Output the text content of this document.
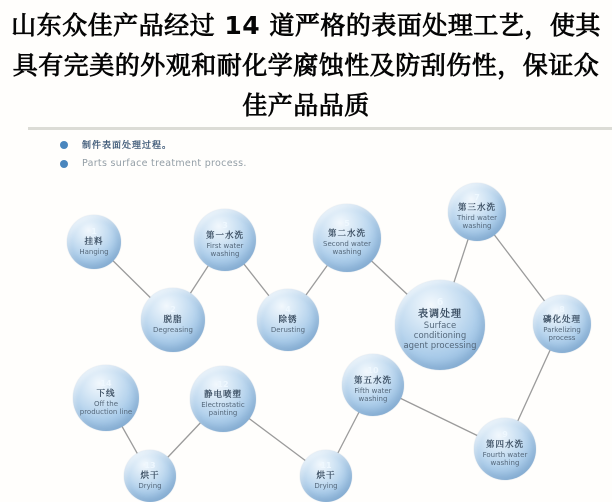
山东众佳产品经过 14 道严格的表面处理工艺，使其
具有完美的外观和耐化学腐蚀性及防刮伤性，保证众
佳产品品质
1
挂料
Hanging
2
脱脂
Degreasing
3
第一水洗
First water washing
4
除锈
Derusting
5
第二水洗
Second water washing
6
表调处理
Surface conditioning agent processing
7
第三水洗
Third water washing
8
磷化处理
Parkelizing process
9
第四水洗
Fourth water washing
10
第五水洗
Fifth water washing
11
烘干
Drying
12
静电喷塑
Electrostatic painting
13
烘干
Drying
14
下线
Off the production line
制件表面处理过程。
Parts surface treatment process.
